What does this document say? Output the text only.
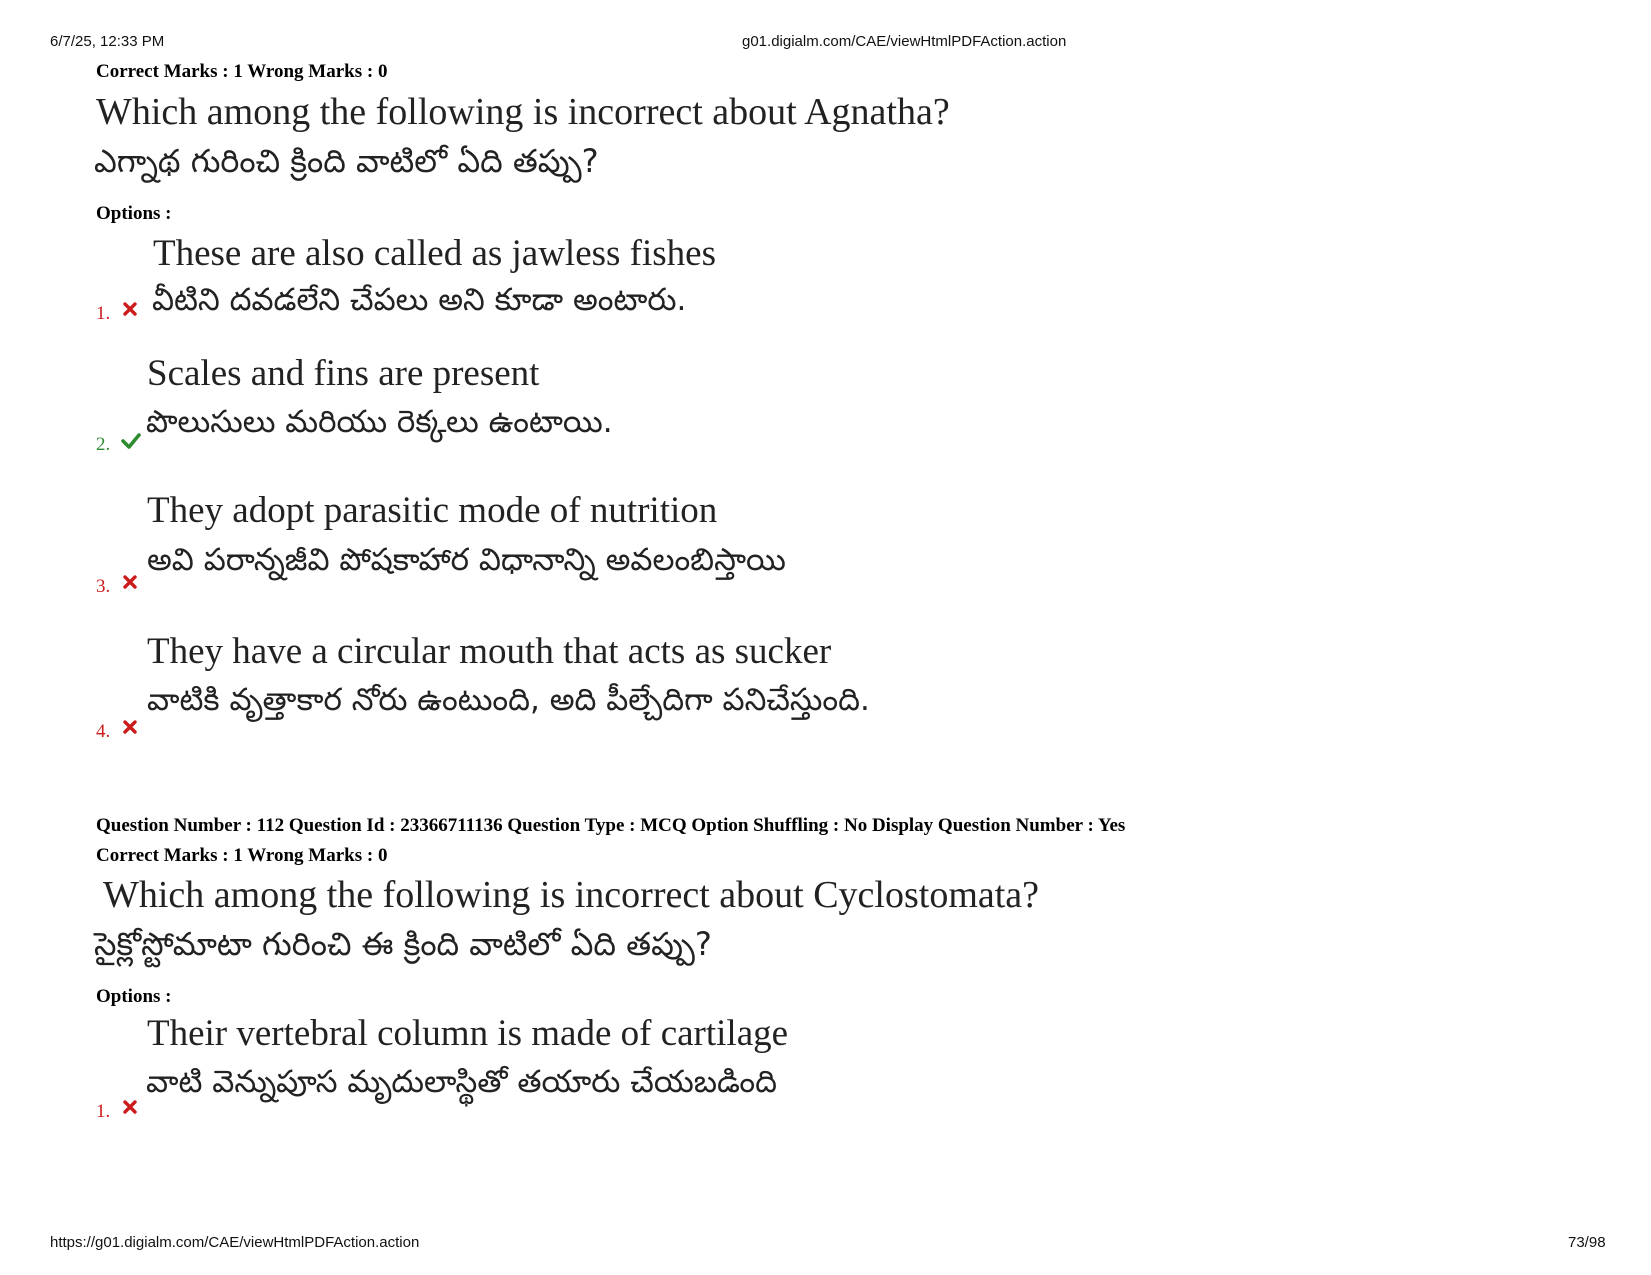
6/7/25, 12:33 PM	g01.digialm.com/CAE/viewHtmlPDFAction.action
Correct Marks : 1 Wrong Marks : 0
Which among the following is incorrect about Agnatha?
ఎగ్నాథ గురించి క్రింది వాటిలో ఏది తప్పు?
Options :
These are also called as jawless fishes
వీటిని దవడలేని చేపలు అని కూడా అంటారు.
1.
Scales and fins are present
పొలుసులు మరియు రెక్కలు ఉంటాయి.
2.
They adopt parasitic mode of nutrition
అవి పరాన్నజీవి పోషకాహార విధానాన్ని అవలంబిస్తాయి
3.
They have a circular mouth that acts as sucker
వాటికి వృత్తాకార నోరు ఉంటుంది, అది పీల్చేదిగా పనిచేస్తుంది.
4.
Question Number : 112 Question Id : 23366711136 Question Type : MCQ Option Shuffling : No Display Question Number : Yes
Correct Marks : 1 Wrong Marks : 0
Which among the following is incorrect about Cyclostomata?
సైక్లోస్టోమాటా గురించి ఈ క్రింది వాటిలో ఏది తప్పు?
Options :
Their vertebral column is made of cartilage
వాటి వెన్నుపూస మృదులాస్థితో తయారు చేయబడింది
1.
https://g01.digialm.com/CAE/viewHtmlPDFAction.action	73/98
